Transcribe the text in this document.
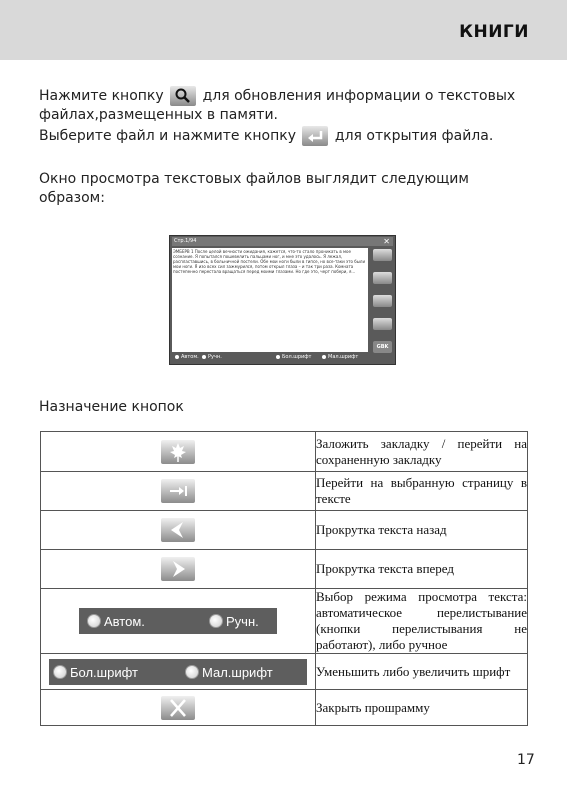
КНИГИ
Нажмите кнопку	для обновления информации о текстовых файлах,размещенных в памяти.
Выберите файл и нажмите кнопку	для открытия файла.
Окно просмотра текстовых файлов выглядит следующим образом:
Стр.1/94	✕
ЭМБЕРВ 1 После целой вечности ожидания, кажется, что-то стало проникать в мое сознание. Я попытался пошевелить пальцами ног, и мне это удалось. Я лежал, распластавшись, в больничной постели. Обе мои ноги были в гипсе, но все-таки это были мои ноги. Я изо всех сил зажмурился, потом открыл глаза – и так три раза. Комната постепенно перестала вращаться перед моими глазами. Но где это, черт побери, я...
GBK
Автом.	Ручн.	Бол.шрифт	Мал.шрифт
Назначение кнопок
	Заложить закладку / перейти на сохраненную закладку

	Перейти на выбранную страницу в тексте

	Прокрутка текста назад

	Прокрутка текста вперед

Автом. Ручн.	Выбор режима просмотра текста: автоматическое перелистывание (кнопки перелистывания не работают), либо ручное

Бол.шрифт Мал.шрифт	Уменьшить либо увеличить шрифт

	Закрыть прошрамму
17
